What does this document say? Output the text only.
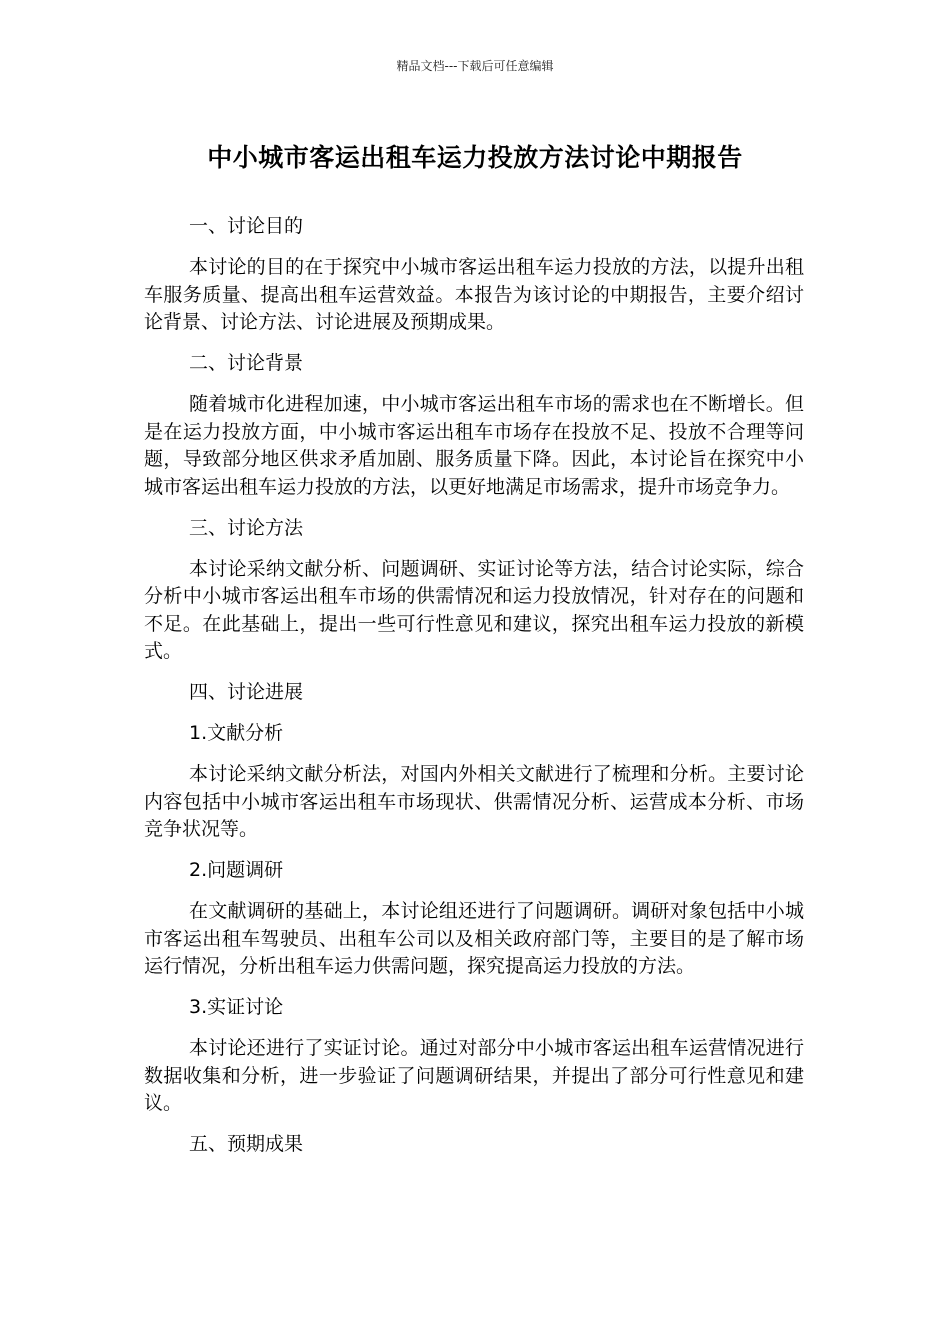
精品文档---下载后可任意编辑
中小城市客运出租车运力投放方法讨论中期报告
一、讨论目的
本讨论的目的在于探究中小城市客运出租车运力投放的方法，以提升出租车服务质量、提高出租车运营效益。本报告为该讨论的中期报告，主要介绍讨论背景、讨论方法、讨论进展及预期成果。
二、讨论背景
随着城市化进程加速，中小城市客运出租车市场的需求也在不断增长。但是在运力投放方面，中小城市客运出租车市场存在投放不足、投放不合理等问题，导致部分地区供求矛盾加剧、服务质量下降。因此，本讨论旨在探究中小城市客运出租车运力投放的方法，以更好地满足市场需求，提升市场竞争力。
三、讨论方法
本讨论采纳文献分析、问题调研、实证讨论等方法，结合讨论实际，综合分析中小城市客运出租车市场的供需情况和运力投放情况，针对存在的问题和不足。在此基础上，提出一些可行性意见和建议，探究出租车运力投放的新模式。
四、讨论进展
1.文献分析
本讨论采纳文献分析法，对国内外相关文献进行了梳理和分析。主要讨论内容包括中小城市客运出租车市场现状、供需情况分析、运营成本分析、市场竞争状况等。
2.问题调研
在文献调研的基础上，本讨论组还进行了问题调研。调研对象包括中小城市客运出租车驾驶员、出租车公司以及相关政府部门等，主要目的是了解市场运行情况，分析出租车运力供需问题，探究提高运力投放的方法。
3.实证讨论
本讨论还进行了实证讨论。通过对部分中小城市客运出租车运营情况进行数据收集和分析，进一步验证了问题调研结果，并提出了部分可行性意见和建议。
五、预期成果
